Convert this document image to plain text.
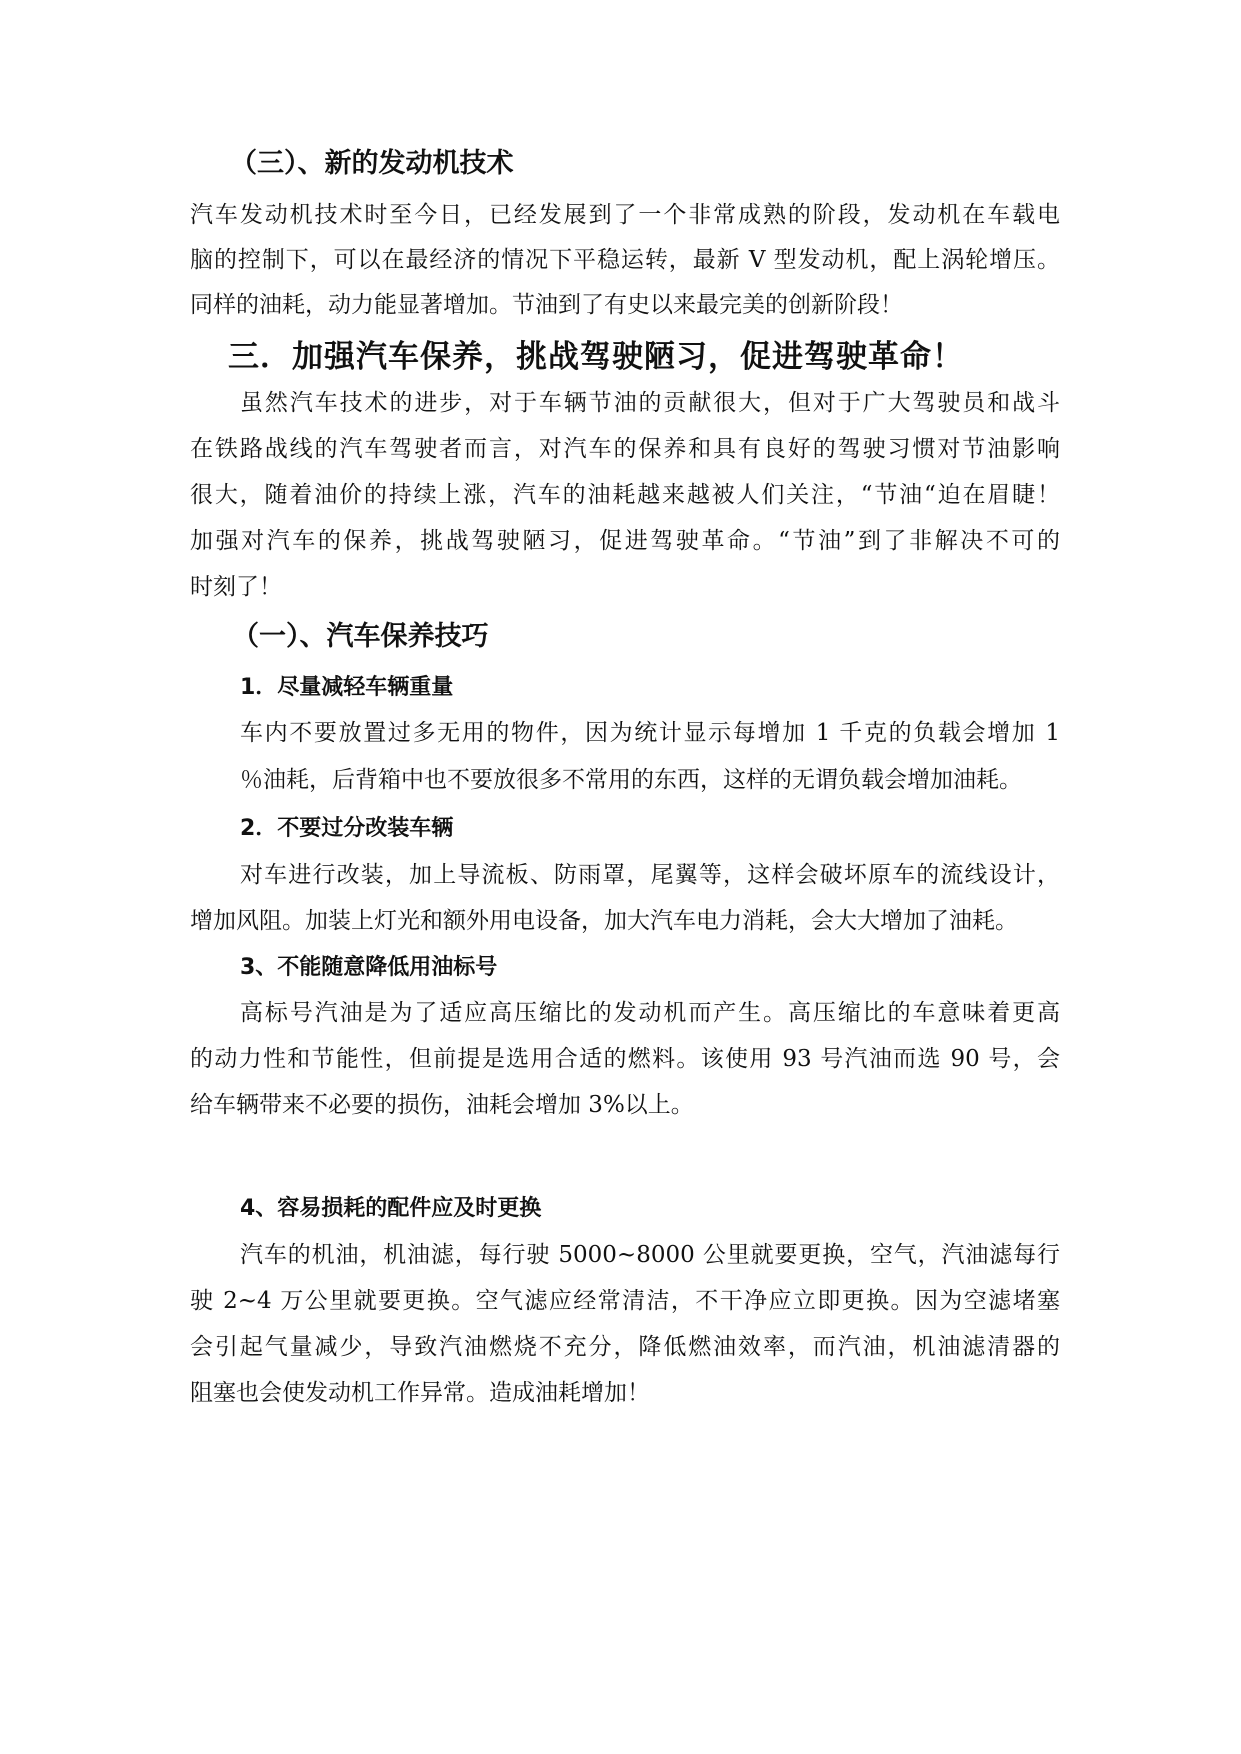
（三）、新的发动机技术
汽车发动机技术时至今日，已经发展到了一个非常成熟的阶段，发动机在车载电
脑的控制下，可以在最经济的情况下平稳运转，最新 V 型发动机，配上涡轮增压。
同样的油耗，动力能显著增加。节油到了有史以来最完美的创新阶段！
三．加强汽车保养，挑战驾驶陋习，促进驾驶革命！
虽然汽车技术的进步，对于车辆节油的贡献很大，但对于广大驾驶员和战斗
在铁路战线的汽车驾驶者而言，对汽车的保养和具有良好的驾驶习惯对节油影响
很大，随着油价的持续上涨，汽车的油耗越来越被人们关注，“节油“迫在眉睫！
加强对汽车的保养，挑战驾驶陋习，促进驾驶革命。“节油”到了非解决不可的
时刻了！
（一）、汽车保养技巧
1．尽量减轻车辆重量
车内不要放置过多无用的物件，因为统计显示每增加 1 千克的负载会增加 1
％油耗，后背箱中也不要放很多不常用的东西，这样的无谓负载会增加油耗。
2．不要过分改装车辆
对车进行改装，加上导流板、防雨罩，尾翼等，这样会破坏原车的流线设计，
增加风阻。加装上灯光和额外用电设备，加大汽车电力消耗，会大大增加了油耗。
3、不能随意降低用油标号
高标号汽油是为了适应高压缩比的发动机而产生。高压缩比的车意味着更高
的动力性和节能性，但前提是选用合适的燃料。该使用 93 号汽油而选 90 号，会
给车辆带来不必要的损伤，油耗会增加 3%以上。
4、容易损耗的配件应及时更换
汽车的机油，机油滤，每行驶 5000~8000 公里就要更换，空气，汽油滤每行
驶 2~4 万公里就要更换。空气滤应经常清洁，不干净应立即更换。因为空滤堵塞
会引起气量减少，导致汽油燃烧不充分，降低燃油效率，而汽油，机油滤清器的
阻塞也会使发动机工作异常。造成油耗增加！
